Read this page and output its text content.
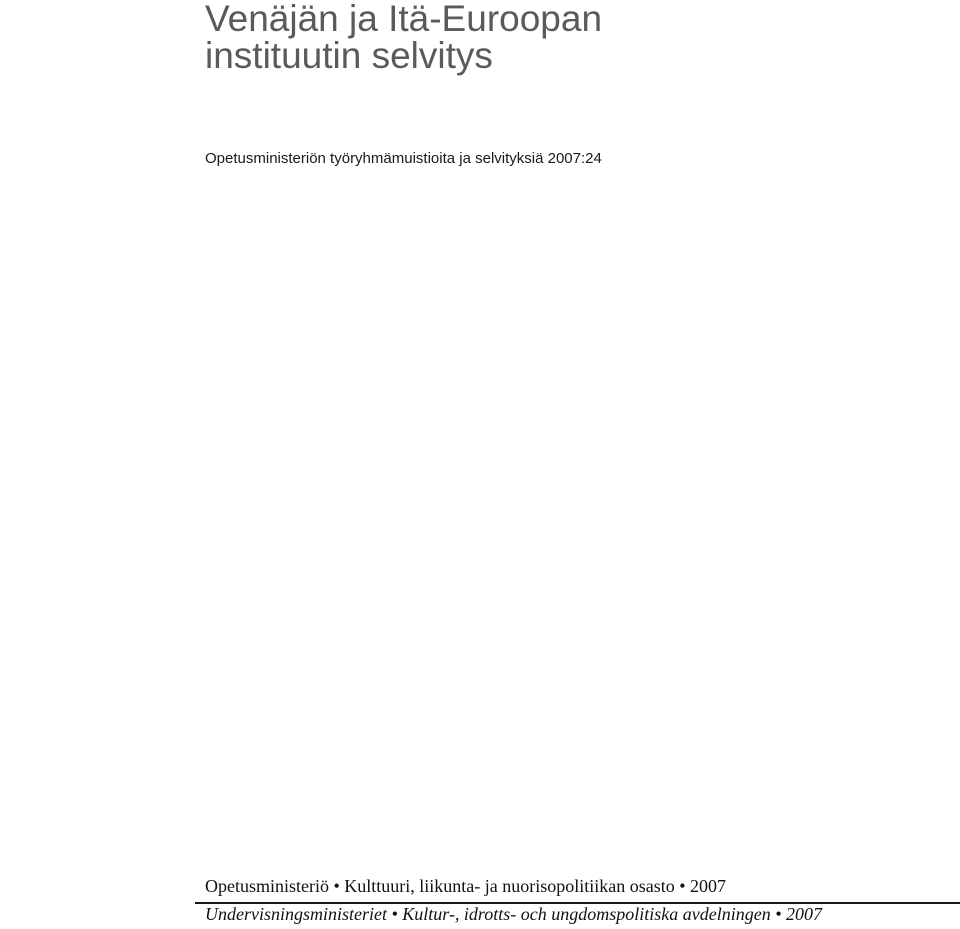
Venäjän ja Itä-Euroopan
instituutin selvitys
Opetusministeriön työryhmämuistioita ja selvityksiä 2007:24
Opetusministeriö • Kulttuuri, liikunta- ja nuorisopolitiikan osasto • 2007
Undervisningsministeriet • Kultur-, idrotts- och ungdomspolitiska avdelningen • 2007
